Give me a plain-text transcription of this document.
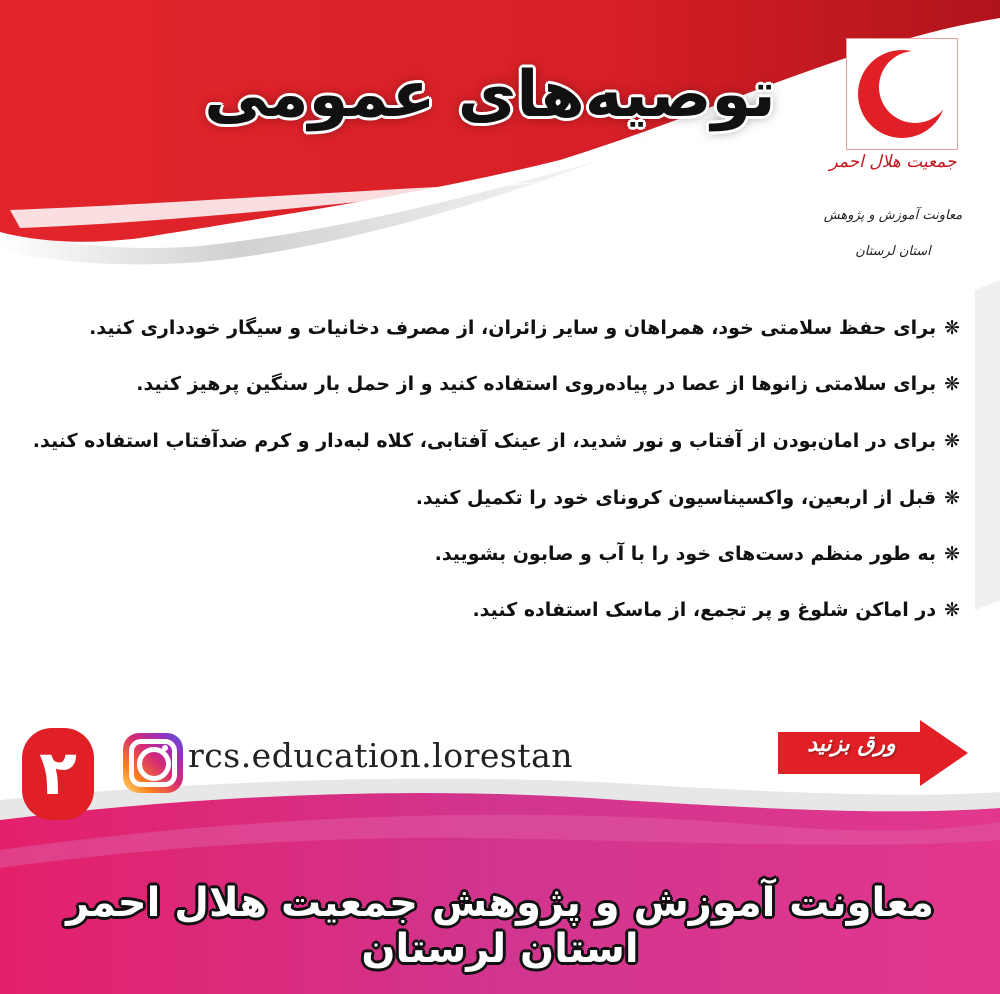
توصیه‌های عمومی
جمعیت هلال احمر
معاونت آموزش و پژوهش
استان لرستان
❋برای حفظ سلامتی خود، همراهان و سایر زائران، از مصرف دخانیات و سیگار خودداری کنید.
❋برای سلامتی زانوها از عصا در پیاده‌روی استفاده کنید و از حمل بار سنگین پرهیز کنید.
❋برای در امان‌بودن از آفتاب و نور شدید، از عینک آفتابی، کلاه لبه‌دار و کرم ضدآفتاب استفاده کنید.
❋قبل از اربعین، واکسیناسیون کرونای خود را تکمیل کنید.
❋به طور منظم دست‌های خود را با آب و صابون بشویید.
❋در اماکن شلوغ و پر تجمع، از ماسک استفاده کنید.
۲	rcs.education.lorestan	ورق بزنید
معاونت آموزش و پژوهش جمعیت هلال احمر استان لرستان
